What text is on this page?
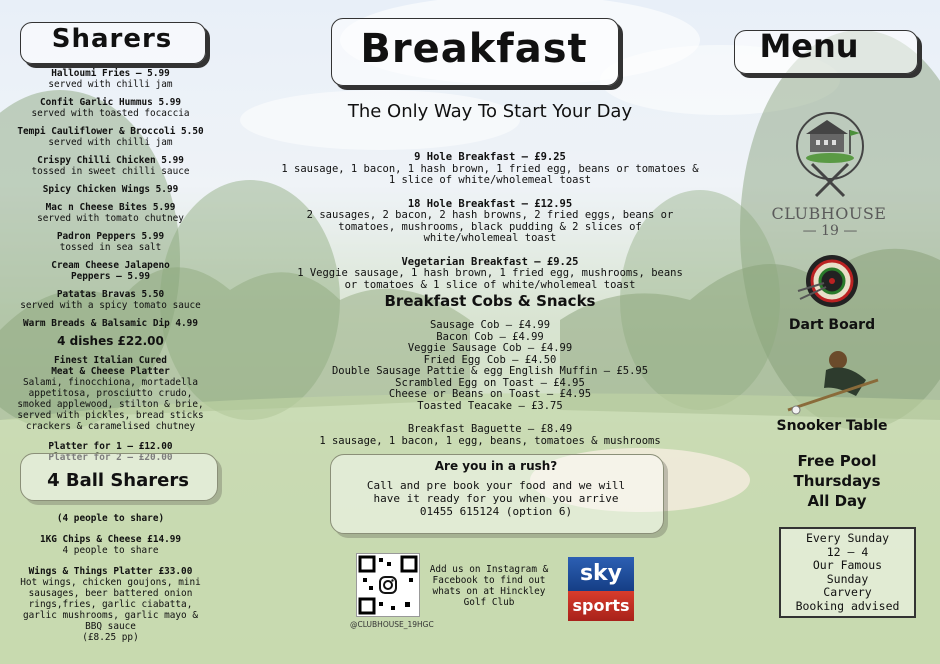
Sharers
Halloumi Fries – 5.99
served with chilli jam
Confit Garlic Hummus 5.99
served with toasted focaccia
Tempi Cauliflower & Broccoli 5.50
served with chilli jam
Crispy Chilli Chicken 5.99
tossed in sweet chilli sauce
Spicy Chicken Wings 5.99
Mac n Cheese Bites 5.99
served with tomato chutney
Padron Peppers 5.99
tossed in sea salt
Cream Cheese Jalapeno Peppers – 5.99
Patatas Bravas 5.50
served with a spicy tomato sauce
Warm Breads & Balsamic Dip 4.99
4 dishes £22.00
Finest Italian Cured
Meat & Cheese Platter
Salami, finocchiona, mortadella appetitosa, prosciutto crudo, smoked applewood, stilton & brie, served with pickles, bread sticks crackers & caramelised chutney
Platter for 1 – £12.00
Platter for 2 – £20.00
4 Ball Sharers
(4 people to share)
1KG Chips & Cheese £14.99
4 people to share
Wings & Things Platter £33.00
Hot wings, chicken goujons, mini sausages, beer battered onion rings,fries, garlic ciabatta, garlic mushrooms, garlic mayo & BBQ sauce
(£8.25 pp)
Breakfast
The Only Way To Start Your Day
9 Hole Breakfast – £9.25
1 sausage, 1 bacon, 1 hash brown, 1 fried egg, beans or tomatoes & 1 slice of white/wholemeal toast
18 Hole Breakfast – £12.95
2 sausages, 2 bacon, 2 hash browns, 2 fried eggs, beans or tomatoes, mushrooms, black pudding & 2 slices of white/wholemeal toast
Vegetarian Breakfast – £9.25
1 Veggie sausage, 1 hash brown, 1 fried egg, mushrooms, beans or tomatoes & 1 slice of white/wholemeal toast
Breakfast Cobs & Snacks
Sausage Cob – £4.99
Bacon Cob – £4.99
Veggie Sausage Cob – £4.99
Fried Egg Cob – £4.50
Double Sausage Pattie & egg English Muffin – £5.95
Scrambled Egg on Toast – £4.95
Cheese or Beans on Toast – £4.95
Toasted Teacake – £3.75
Breakfast Baguette – £8.49
1 sausage, 1 bacon, 1 egg, beans, tomatoes & mushrooms
Are you in a rush?
Call and pre book your food and we will
have it ready for you when you arrive
01455 615124 (option 6)
@CLUBHOUSE_19HGC
Add us on Instagram & Facebook to find out whats on at Hinckley Golf Club
sky
sports
Menu
CLUBHOUSE
— 19 —
Dart Board
Snooker Table
Free Pool
Thursdays
All Day
Every Sunday
12 – 4
Our Famous
Sunday
Carvery
Booking advised
